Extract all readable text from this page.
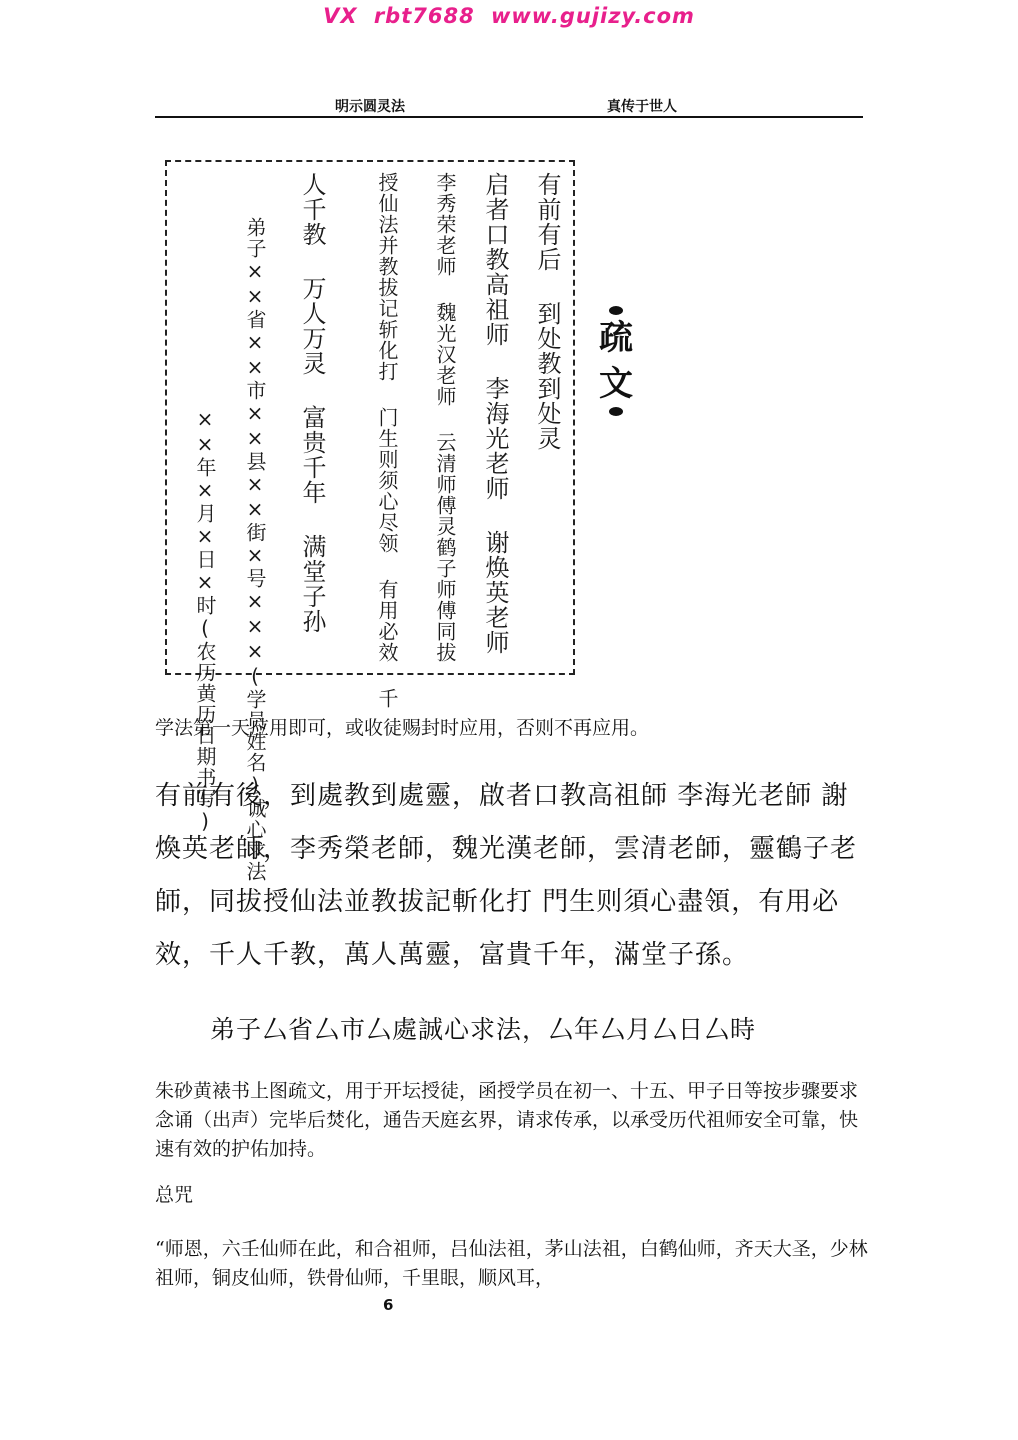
VX rbt7688 www.gujizy.com
明示圆灵法	真传于世人
有前有后 到处教到处灵
启者口教高祖师 李海光老师 谢焕英老师
李秀荣老师 魏光汉老师 云清师傅灵鹤子师傅同拔
授仙法并教拔记斩化打 门生则须心尽领 有用必效 千
人千教 万人万灵 富贵千年 满堂子孙
弟子××省××市××县××街×号×××(学员姓名)诚心求法
××年×月×日×时(农历黄历日期书写)
疏
文
学法第一天应用即可，或收徒赐封时应用，否则不再应用。
有前有後，到處教到處靈，啟者口教高祖師 李海光老師 謝煥英老師，李秀榮老師，魏光漢老師，雲清老師，靈鶴子老師，同拔授仙法並教拔記斬化打 門生则須心盡領，有用必效，千人千教，萬人萬靈，富貴千年，滿堂子孫。
弟子厶省厶市厶處誠心求法，厶年厶月厶日厶時
朱砂黄裱书上图疏文，用于开坛授徒，函授学员在初一、十五、甲子日等按步骤要求念诵（出声）完毕后焚化，通告天庭玄界，请求传承，以承受历代祖师安全可靠，快速有效的护佑加持。
总咒
“师恩，六壬仙师在此，和合祖师，吕仙法祖，茅山法祖，白鹤仙师，齐天大圣，少林祖师，铜皮仙师，铁骨仙师，千里眼，顺风耳，
6
